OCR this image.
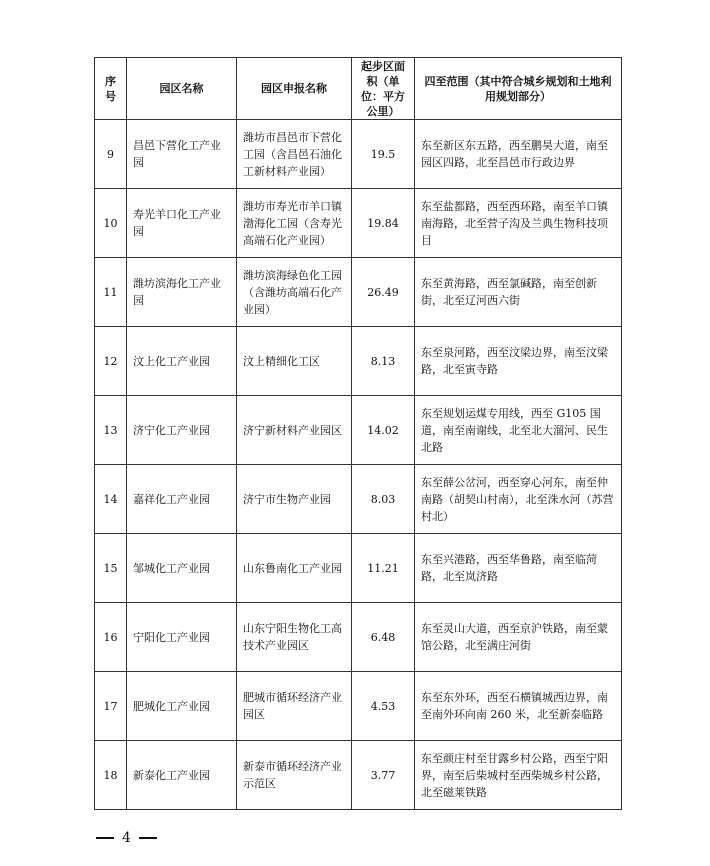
序号	园区名称	园区申报名称	起步区面积（单位：平方公里）	四至范围（其中符合城乡规划和土地利用规划部分）
9	昌邑下营化工产业园	潍坊市昌邑市下营化工园（含昌邑石油化工新材料产业园）	19.5	东至新区东五路，西至鹏昊大道，南至园区四路，北至昌邑市行政边界
10	寿光羊口化工产业园	潍坊市寿光市羊口镇渤海化工园（含寿光高端石化产业园）	19.84	东至盐都路，西至西环路，南至羊口镇南海路，北至营子沟及兰典生物科技项目
11	潍坊滨海化工产业园	潍坊滨海绿色化工园（含潍坊高端石化产业园）	26.49	东至黄海路，西至氯碱路，南至创新街，北至辽河西六街
12	汶上化工产业园	汶上精细化工区	8.13	东至泉河路，西至汶梁边界，南至汶梁路，北至寅寺路
13	济宁化工产业园	济宁新材料产业园区	14.02	东至规划运煤专用线，西至 G105 国道，南至南谢线，北至北大溜河、民生北路
14	嘉祥化工产业园	济宁市生物产业园	8.03	东至薛公岔河，西至穿心河东，南至仲南路（胡契山村南），北至洙水河（苏营村北）
15	邹城化工产业园	山东鲁南化工产业园	11.21	东至兴港路，西至华鲁路，南至临菏路，北至岚济路
16	宁阳化工产业园	山东宁阳生物化工高技术产业园区	6.48	东至灵山大道，西至京沪铁路，南至蒙馆公路，北至满庄河街
17	肥城化工产业园	肥城市循环经济产业园区	4.53	东至东外环，西至石横镇城西边界，南至南外环向南 260 米，北至新泰临路
18	新泰化工产业园	新泰市循环经济产业示范区	3.77	东至颜庄村至甘露乡村公路，西至宁阳界，南至后柴城村至西柴城乡村公路，北至磁莱铁路
4
